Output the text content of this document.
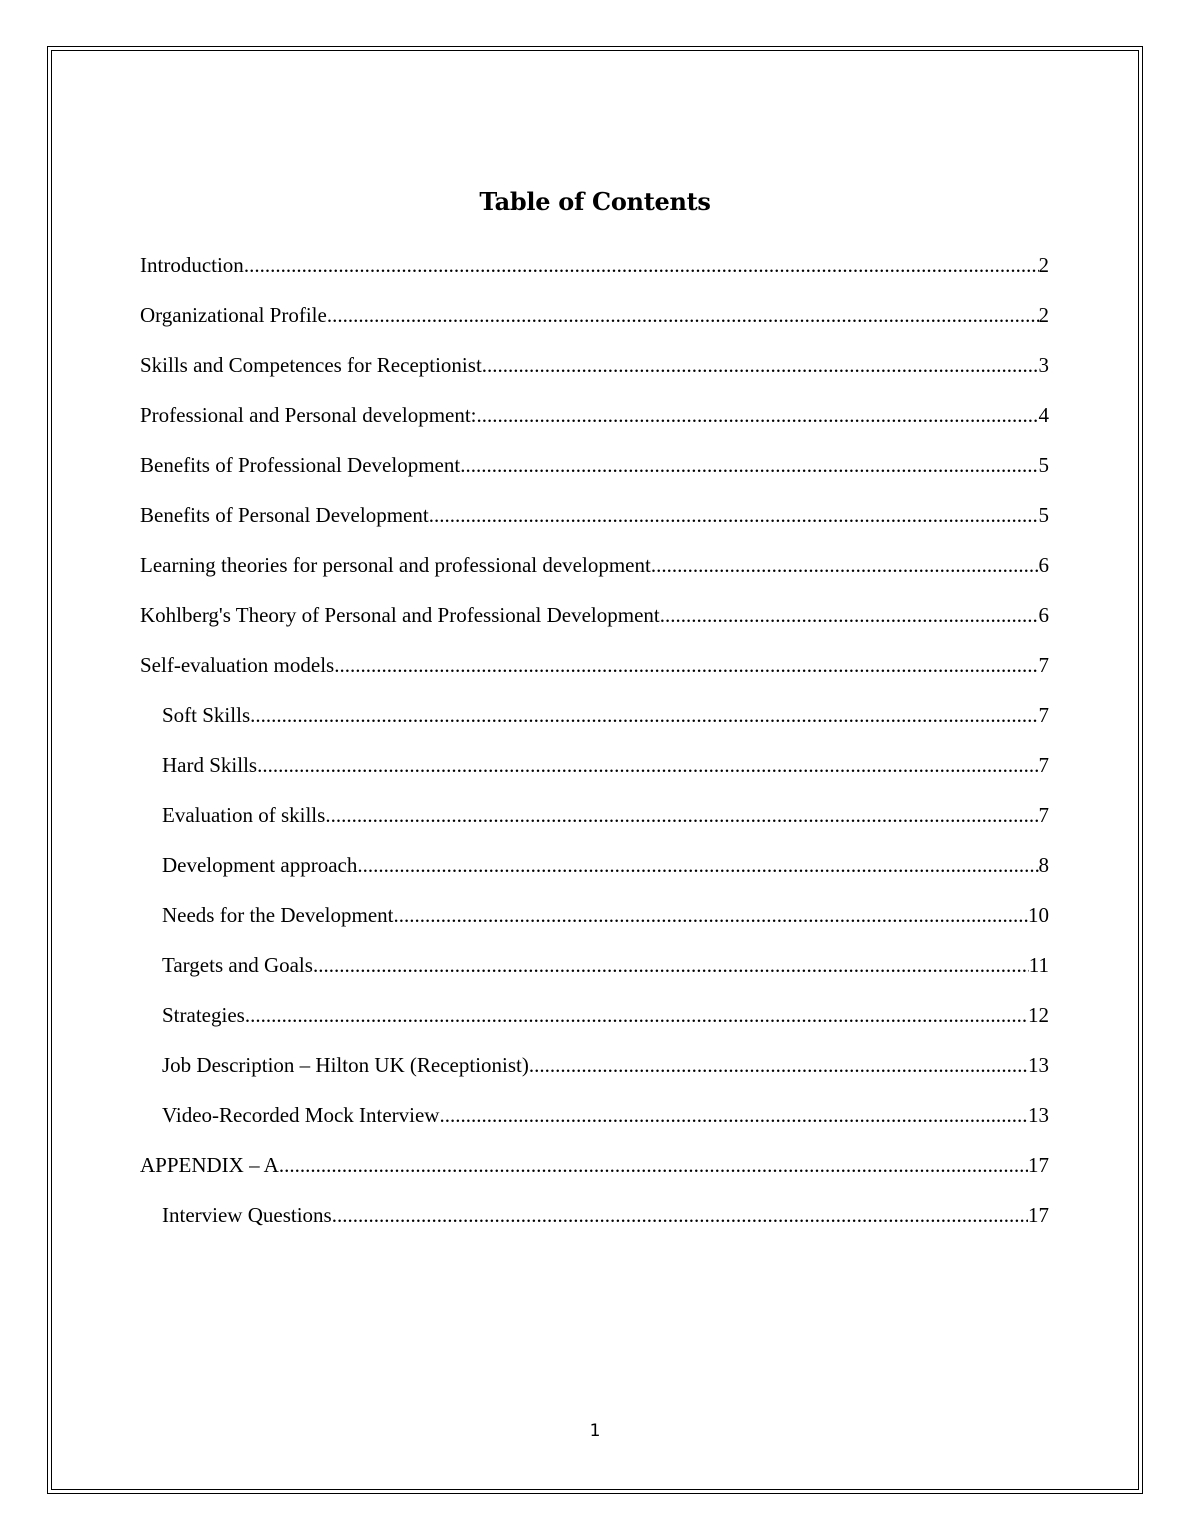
Table of Contents
Introduction .....	2
Organizational Profile .....	2
Skills and Competences for Receptionist .....	3
Professional and Personal development: .....	4
Benefits of Professional Development .....	5
Benefits of Personal Development .....	5
Learning theories for personal and professional development. .....	6
Kohlberg's Theory of Personal and Professional Development .....	6
Self-evaluation models .....	7
Soft Skills .....	7
Hard Skills .....	7
Evaluation of skills .....	7
Development approach .....	8
Needs for the Development .....	10
Targets and Goals .....	11
Strategies .....	12
Job Description – Hilton UK (Receptionist) .....	13
Video-Recorded Mock Interview .....	13
APPENDIX – A .....	17
Interview Questions .....	17
1
